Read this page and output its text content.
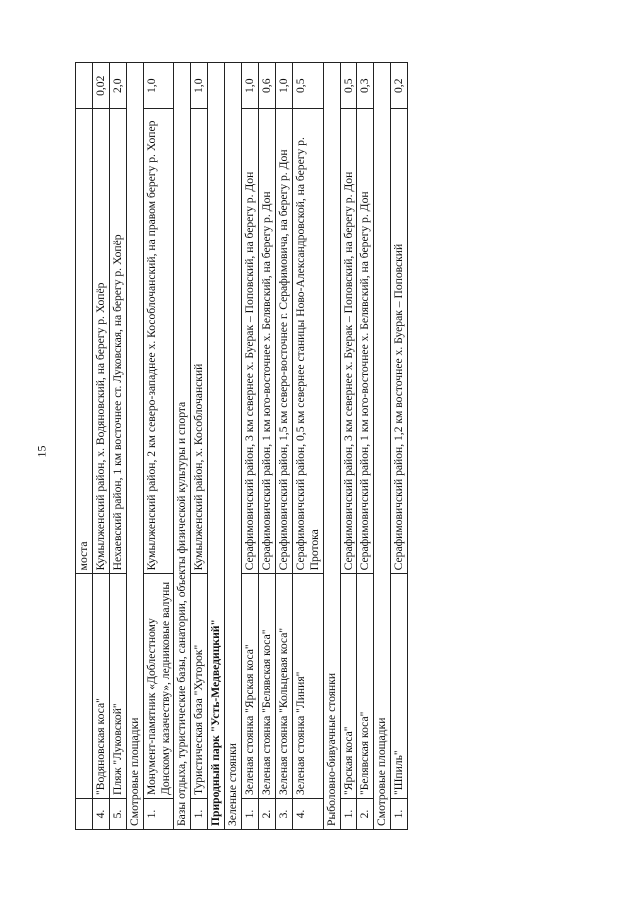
15
		моста	
4.	"Водяновская коса"	Кумылженский район, х. Водяновский, на берегу р. Хопёр	0,02
5.	Пляж "Луковской"	Нехаевский район, 1 км восточнее ст. Луковская, на берегу р. Хопёр	2,0
Смотровые площадки			
1.	Монумент-памятник «Доблестному Донскому казачеству», ледниковые валуны	Кумылженский район, 2 км северо-западнее х. Кособлочанский, на правом берегу р. Хопер	1,0
Базы отдыха, туристические базы, санатории, объекты физической культуры и спорта			
1.	Туристическая база "Хуторок"	Кумылженский район, х. Кособлочанский	1,0
Природный парк "Усть-Медведицкий"			
Зеленые стоянки			
1.	Зеленая стоянка "Ярская коса"	Серафимовичский район, 3 км севернее х. Буерак – Поповский, на берегу р. Дон	1,0
2.	Зеленая стоянка "Белявская коса"	Серафимовичский район, 1 км юго-восточнее х. Белявский, на берегу р. Дон	0,6
3.	Зеленая стоянка "Кольцевая коса"	Серафимовичский район, 1,5 км северо-восточнее г. Серафимовича, на берегу р. Дон	1,0
4.	Зеленая стоянка "Линия"	Серафимовичский район, 0,5 км севернее станицы Ново-Александровской, на берегу р. Протока	0,5
Рыболовно-бивуачные стоянки			
1.	"Ярская коса"	Серафимовичский район, 3 км севернее х. Буерак – Поповский, на берегу р. Дон	0,5
2.	"Белявская коса"	Серафимовичский район, 1 км юго-восточнее х. Белявский, на берегу р. Дон	0,3
Смотровые площадки			
1.	"Шпиль"	Серафимовичский район, 1,2 км восточнее х. Буерак – Поповский	0,2
